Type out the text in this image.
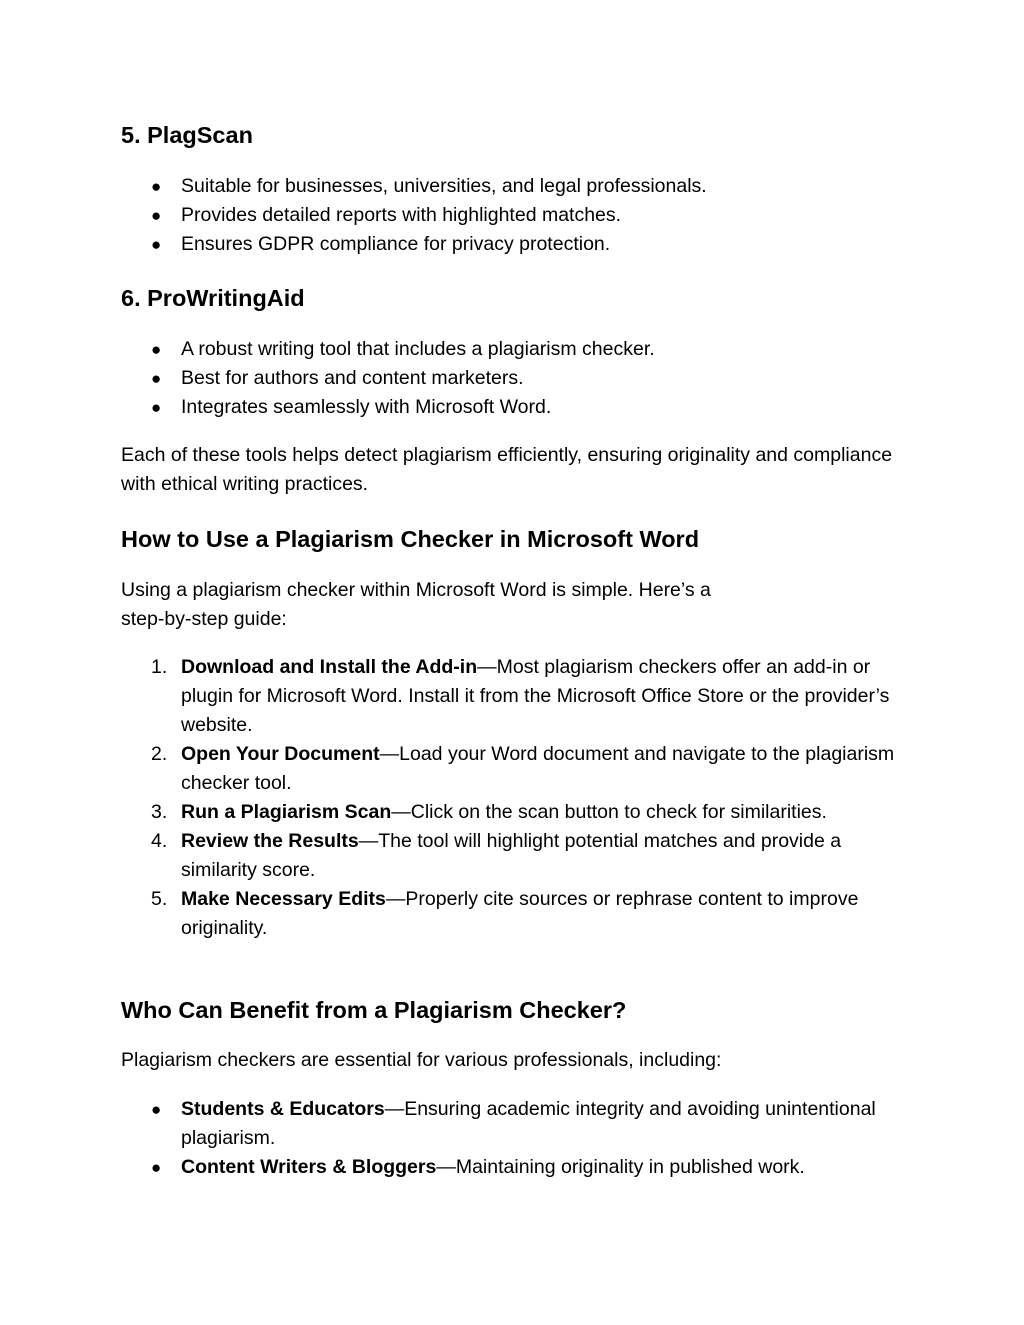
5. PlagScan
● Suitable for businesses, universities, and legal professionals.
● Provides detailed reports with highlighted matches.
● Ensures GDPR compliance for privacy protection.
6. ProWritingAid
● A robust writing tool that includes a plagiarism checker.
● Best for authors and content marketers.
● Integrates seamlessly with Microsoft Word.

Each of these tools helps detect plagiarism efficiently, ensuring originality and compliance with ethical writing practices.

How to Use a Plagiarism Checker in Microsoft Word

Using a plagiarism checker within Microsoft Word is simple. Here’s a
step-by-step guide:

1. Download and Install the Add-in—Most plagiarism checkers offer an add-in or plugin for Microsoft Word. Install it from the Microsoft Office Store or the provider’s website.
2. Open Your Document—Load your Word document and navigate to the plagiarism checker tool.
3. Run a Plagiarism Scan—Click on the scan button to check for similarities.
4. Review the Results—The tool will highlight potential matches and provide a similarity score.
5. Make Necessary Edits—Properly cite sources or rephrase content to improve originality.
Who Can Benefit from a Plagiarism Checker?

Plagiarism checkers are essential for various professionals, including:

● Students & Educators—Ensuring academic integrity and avoiding unintentional plagiarism.
● Content Writers & Bloggers—Maintaining originality in published work.
